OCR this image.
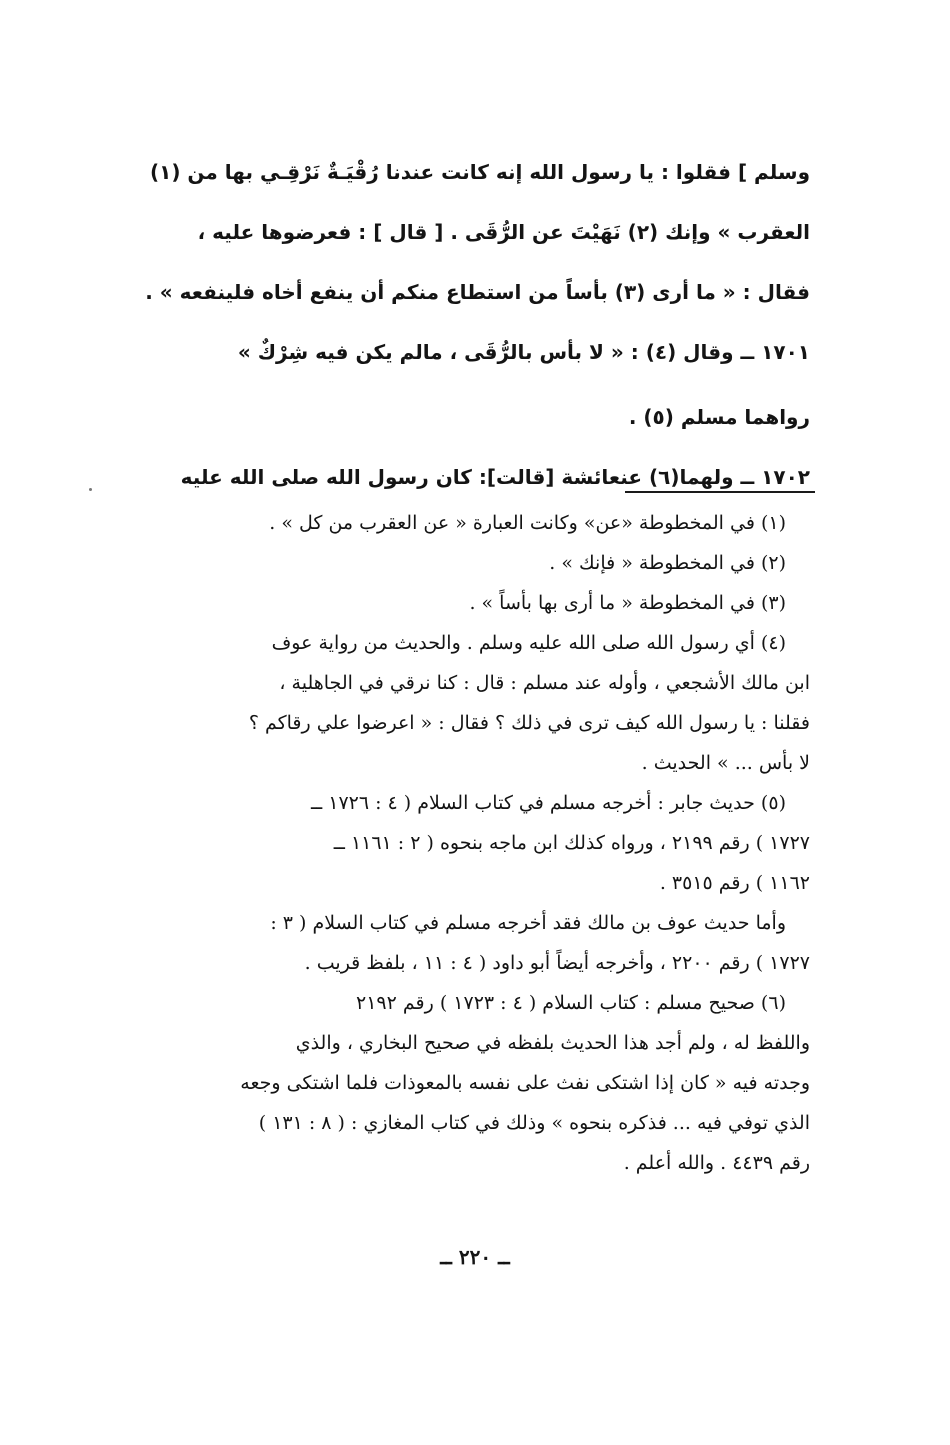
وسلم ] فقلوا : يا رسول الله إنه كانت عندنا رُقْيَـةٌ نَرْقِـي بها من (١)
العقرب » وإنك (٢) نَهَيْتَ عن الرُّقَى . [ قال ] : فعرضوها عليه ،
فقال : « ما أرى (٣) بأساً من استطاع منكم أن ينفع أخاه فلينفعه » .
١٧٠١ ــ وقال (٤) : « لا بأس بالرُّقَى ، مالم يكن فيه شِرْكٌ »
رواهما مسلم (٥) .
١٧٠٢ ــ ولهما(٦) عنعائشة [قالت]: كان رسول الله صلى الله عليه
(١) في المخطوطة «عن» وكانت العبارة « عن العقرب من كل » .
(٢) في المخطوطة « فإنك » .
(٣) في المخطوطة « ما أرى بها بأساً » .
(٤) أي رسول الله صلى الله عليه وسلم . والحديث من رواية عوف
ابن مالك الأشجعي ، وأوله عند مسلم : قال : كنا نرقي في الجاهلية ،
فقلنا : يا رسول الله كيف ترى في ذلك ؟ فقال : « اعرضوا علي رقاكم ؟
لا بأس ... » الحديث .
(٥) حديث جابر : أخرجه مسلم في كتاب السلام ( ٤ : ١٧٢٦ ــ
١٧٢٧ ) رقم ٢١٩٩ ، ورواه كذلك ابن ماجه بنحوه ( ٢ : ١١٦١ ــ
١١٦٢ ) رقم ٣٥١٥ .
وأما حديث عوف بن مالك فقد أخرجه مسلم في كتاب السلام ( ٣ :
١٧٢٧ ) رقم ٢٢٠٠ ، وأخرجه أيضاً أبو داود ( ٤ : ١١ ، بلفظ قريب .
(٦) صحيح مسلم : كتاب السلام ( ٤ : ١٧٢٣ ) رقم ٢١٩٢
واللفظ له ، ولم أجد هذا الحديث بلفظه في صحيح البخاري ، والذي
وجدته فيه « كان إذا اشتكى نفث على نفسه بالمعوذات فلما اشتكى وجعه
الذي توفي فيه ... فذكره بنحوه » وذلك في كتاب المغازي : ( ٨ : ١٣١ )
رقم ٤٤٣٩ . والله أعلم .
ــ ٢٢٠ ــ
